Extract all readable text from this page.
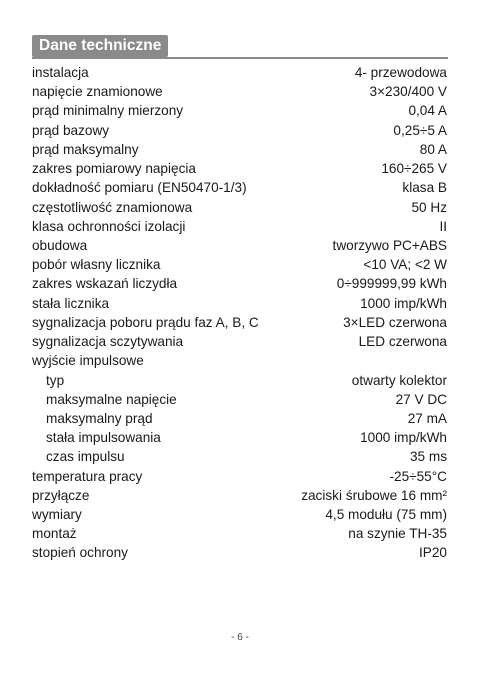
Dane techniczne
instalacja	4- przewodowa
napięcie znamionowe	3×230/400 V
prąd minimalny mierzony	0,04 A
prąd bazowy	0,25÷5 A
prąd maksymalny	80 A
zakres pomiarowy napięcia	160÷265 V
dokładność pomiaru (EN50470-1/3)	klasa B
częstotliwość znamionowa	50 Hz
klasa ochronności izolacji	II
obudowa	tworzywo PC+ABS
pobór własny licznika	<10 VA; <2 W
zakres wskazań liczydła	0÷999999,99 kWh
stała licznika	1000 imp/kWh
sygnalizacja poboru prądu faz A, B, C	3×LED czerwona
sygnalizacja sczytywania	LED czerwona
wyjście impulsowe
typ	otwarty kolektor
maksymalne napięcie	27 V DC
maksymalny prąd	27 mA
stała impulsowania	1000 imp/kWh
czas impulsu	35 ms
temperatura pracy	-25÷55°C
przyłącze	zaciski śrubowe 16 mm²
wymiary	4,5 modułu (75 mm)
montaż	na szynie TH-35
stopień ochrony	IP20
- 6 -
